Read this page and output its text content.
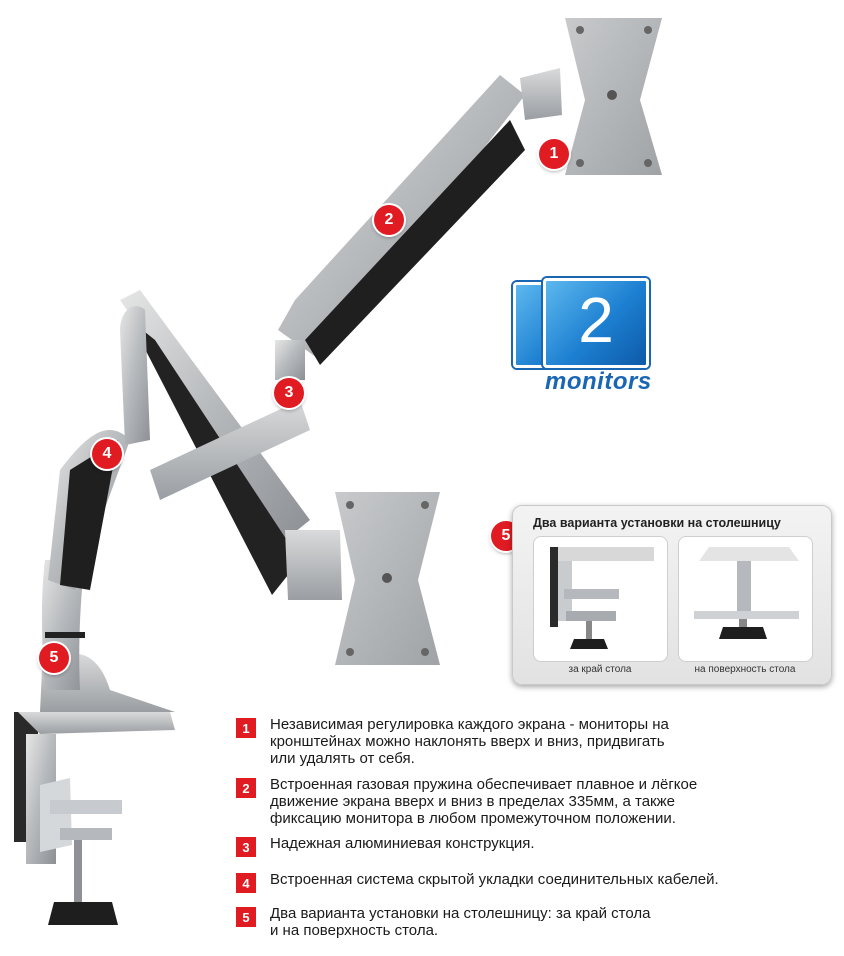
1
2
3
4
5
2
monitors
5
Два варианта установки на столешницу
за край стола	на поверхность стола
1	Независимая регулировка каждого экрана - мониторы на
кронштейнах можно наклонять вверх и вниз, придвигать
или удалять от себя.
2	Встроенная газовая пружина обеспечивает плавное и лёгкое
движение экрана вверх и вниз в пределах 335мм, а также
фиксацию монитора в любом промежуточном положении.
3	Надежная алюминиевая конструкция.
4	Встроенная система скрытой укладки соединительных кабелей.
5	Два варианта установки на столешницу: за край стола
и на поверхность стола.
